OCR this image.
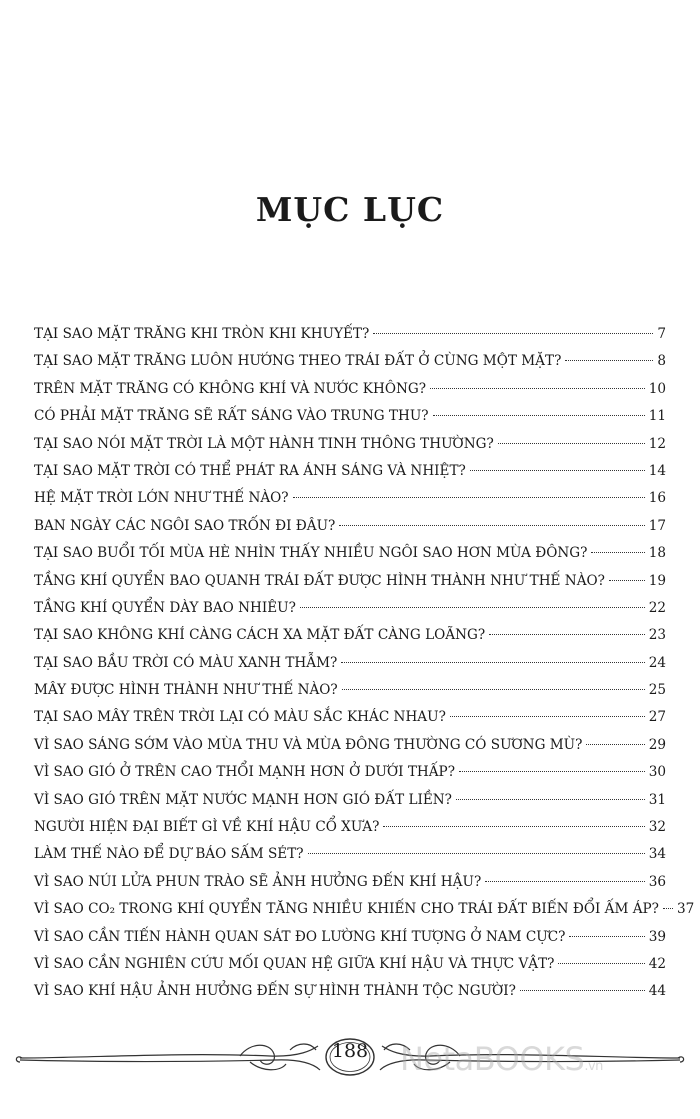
MỤC LỤC
TẠI SAO MẶT TRĂNG KHI TRÒN KHI KHUYẾT?	7
TẠI SAO MẶT TRĂNG LUÔN HƯỚNG THEO TRÁI ĐẤT Ở CÙNG MỘT MẶT?	8
TRÊN MẶT TRĂNG CÓ KHÔNG KHÍ VÀ NƯỚC KHÔNG?	10
CÓ PHẢI MẶT TRĂNG SẼ RẤT SÁNG VÀO TRUNG THU?	11
TẠI SAO NÓI MẶT TRỜI LÀ MỘT HÀNH TINH THÔNG THƯỜNG?	12
TẠI SAO MẶT TRỜI CÓ THỂ PHÁT RA ÁNH SÁNG VÀ NHIỆT?	14
HỆ MẶT TRỜI LỚN NHƯ THẾ NÀO?	16
BAN NGÀY CÁC NGÔI SAO TRỐN ĐI ĐÂU?	17
TẠI SAO BUỔI TỐI MÙA HÈ NHÌN THẤY NHIỀU NGÔI SAO HƠN MÙA ĐÔNG?	18
TẦNG KHÍ QUYỂN BAO QUANH TRÁI ĐẤT ĐƯỢC HÌNH THÀNH NHƯ THẾ NÀO?	19
TẦNG KHÍ QUYỂN DÀY BAO NHIÊU?	22
TẠI SAO KHÔNG KHÍ CÀNG CÁCH XA MẶT ĐẤT CÀNG LOÃNG?	23
TẠI SAO BẦU TRỜI CÓ MÀU XANH THẪM?	24
MÂY ĐƯỢC HÌNH THÀNH NHƯ THẾ NÀO?	25
TẠI SAO MÂY TRÊN TRỜI LẠI CÓ MÀU SẮC KHÁC NHAU?	27
VÌ SAO SÁNG SỚM VÀO MÙA THU VÀ MÙA ĐÔNG THƯỜNG CÓ SƯƠNG MÙ?	29
VÌ SAO GIÓ Ở TRÊN CAO THỔI MẠNH HƠN Ở DƯỚI THẤP?	30
VÌ SAO GIÓ TRÊN MẶT NƯỚC MẠNH HƠN GIÓ ĐẤT LIỀN?	31
NGƯỜI HIỆN ĐẠI BIẾT GÌ VỀ KHÍ HẬU CỔ XƯA?	32
LÀM THẾ NÀO ĐỂ DỰ BÁO SẤM SÉT?	34
VÌ SAO NÚI LỬA PHUN TRÀO SẼ ẢNH HƯỞNG ĐẾN KHÍ HẬU?	36
VÌ SAO CO₂ TRONG KHÍ QUYỂN TĂNG NHIỀU KHIẾN CHO TRÁI ĐẤT BIẾN ĐỔI ẤM ÁP? 37
VÌ SAO CẦN TIẾN HÀNH QUAN SÁT ĐO LƯỜNG KHÍ TƯỢNG Ở NAM CỰC?	39
VÌ SAO CẦN NGHIÊN CỨU MỐI QUAN HỆ GIỮA KHÍ HẬU VÀ THỰC VẬT?	42
VÌ SAO KHÍ HẬU ẢNH HƯỞNG ĐẾN SỰ HÌNH THÀNH TỘC NGƯỜI?	44
188 NetaBOOKS.vn
